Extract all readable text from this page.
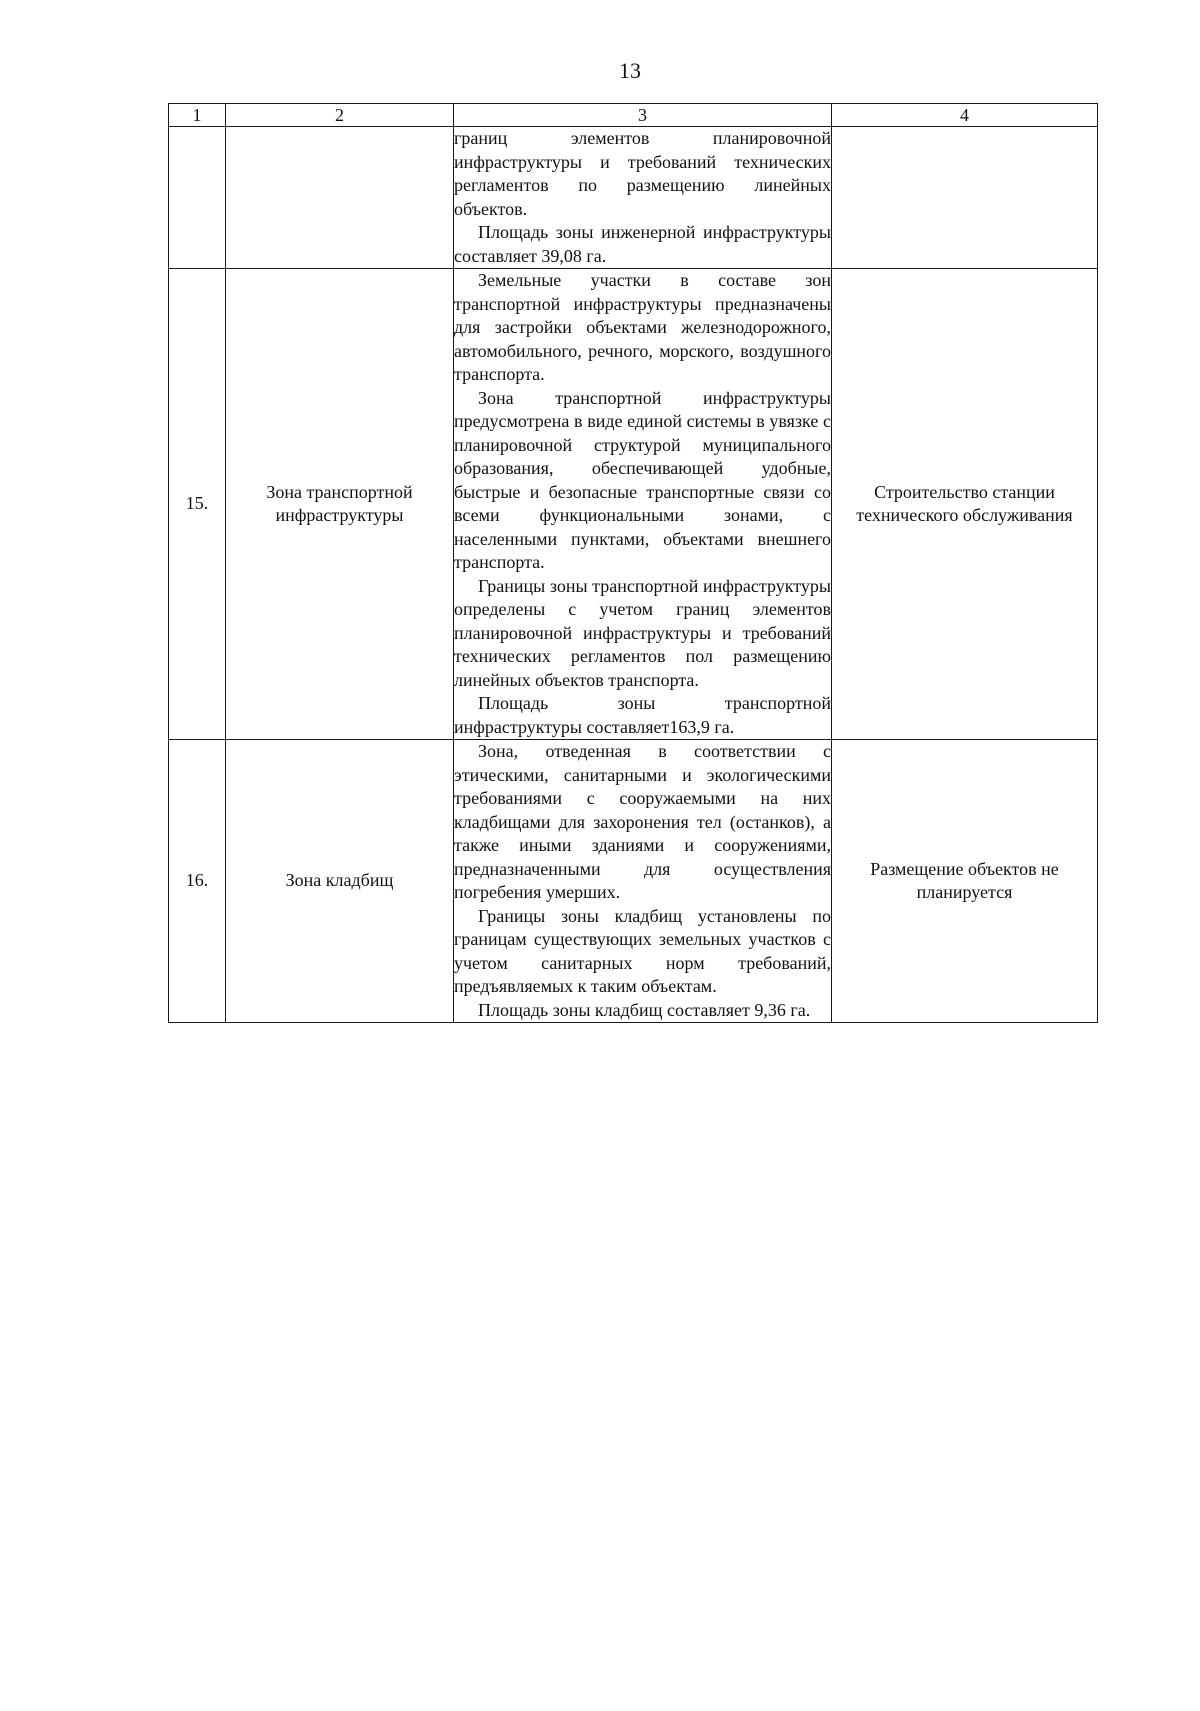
13
1	2	3	4

		границ элементов планировочной инфраструктуры и требований технических регламентов по размещению линейных объектов.

Площадь зоны инженерной инфраструктуры составляет 39,08 га.	

15.	Зона транспортной инфраструктуры	Земельные участки в составе зон транспортной инфраструктуры предназначены для застройки объектами железнодорожного, автомобильного, речного, морского, воздушного транспорта.

Зона транспортной инфраструктуры предусмотрена в виде единой системы в увязке с планировочной структурой муниципального образования, обеспечивающей удобные, быстрые и безопасные транспортные связи со всеми функциональными зонами, с населенными пунктами, объектами внешнего транспорта.

Границы зоны транспортной инфраструктуры определены с учетом границ элементов планировочной инфраструктуры и требований технических регламентов пол размещению линейных объектов транспорта.

Площадь зоны транспортной инфраструктуры составляет163,9 га.	Строительство станции технического обслуживания
16.	Зона кладбищ	Зона, отведенная в соответствии с этическими, санитарными и экологическими требованиями с сооружаемыми на них кладбищами для захоронения тел (останков), а также иными зданиями и сооружениями, предназначенными для осуществления погребения умерших.

Границы зоны кладбищ установлены по границам существующих земельных участков с учетом санитарных норм требований, предъявляемых к таким объектам.

Площадь зоны кладбищ составляет 9,36 га.	Размещение объектов не планируется
